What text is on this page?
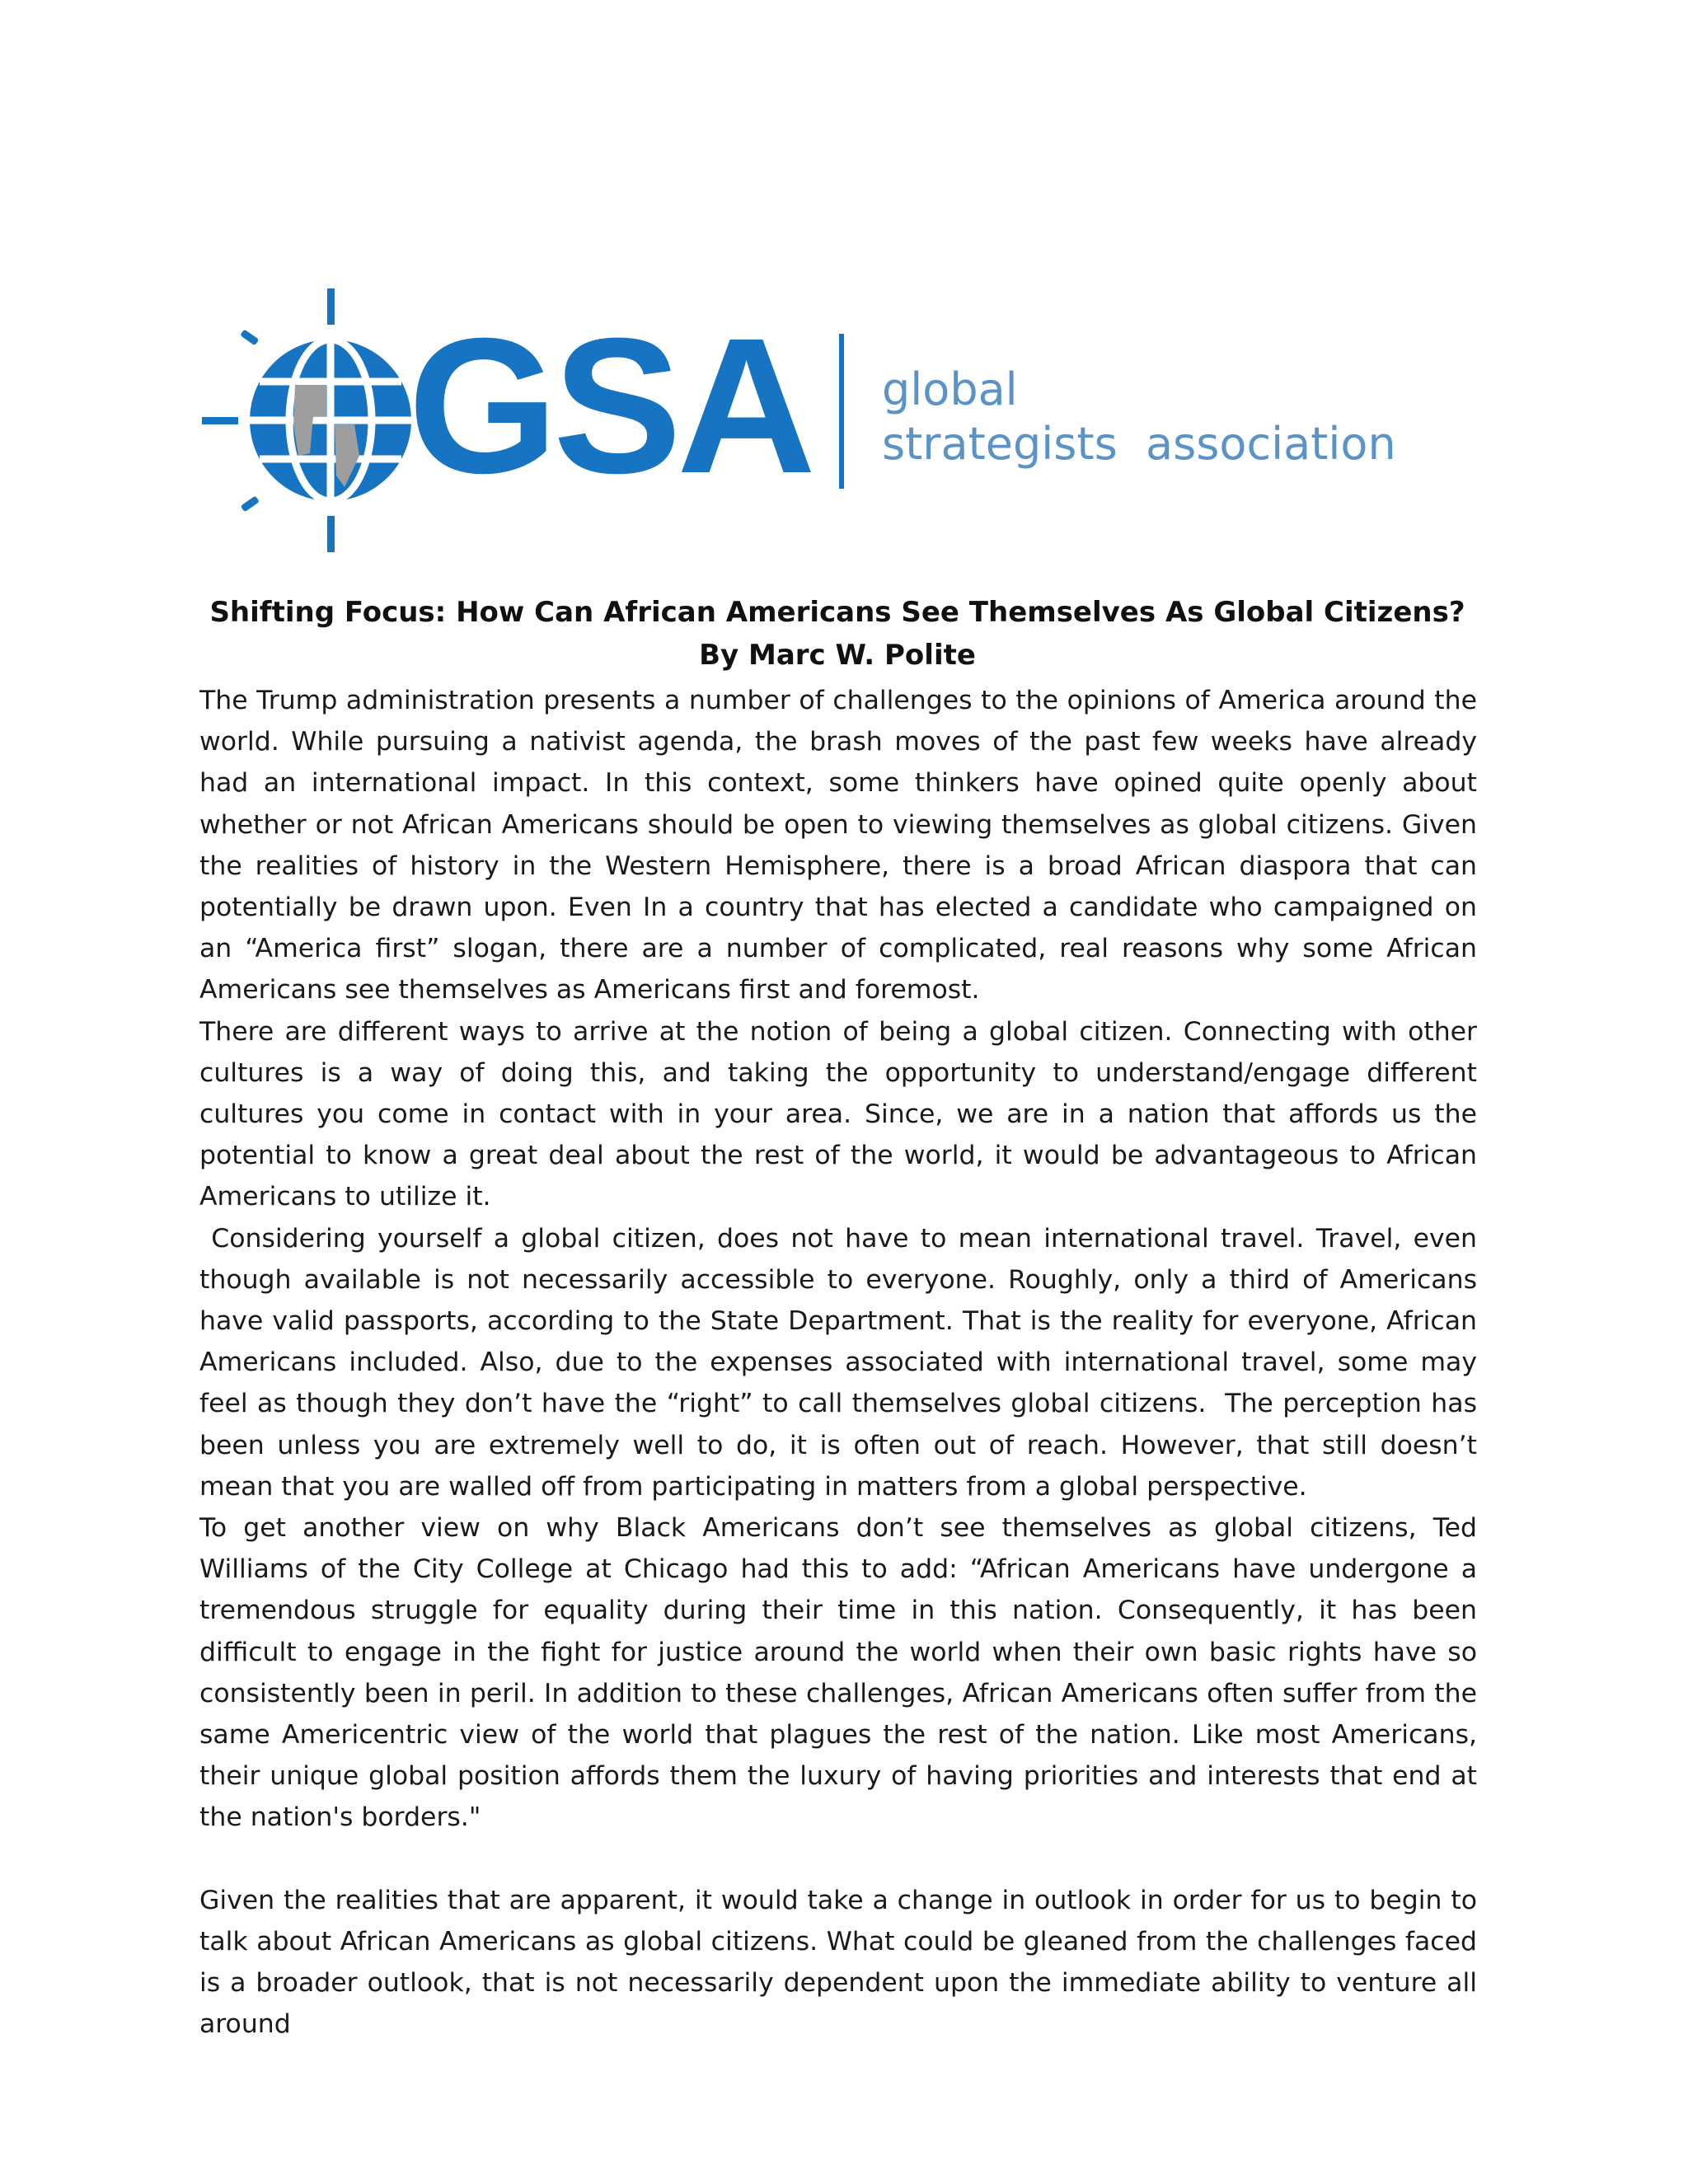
GSA global
strategists  association
Shifting Focus: How Can African Americans See Themselves As Global Citizens?
By Marc W. Polite

The Trump administration presents a number of challenges to the opinions of America around the world. While pursuing a nativist agenda, the brash moves of the past few weeks have already had an international impact. In this context, some thinkers have opined quite openly about whether or not African Americans should be open to viewing themselves as global citizens. Given the realities of history in the Western Hemisphere, there is a broad African diaspora that can potentially be drawn upon. Even In a country that has elected a candidate who campaigned on an “America first” slogan, there are a number of complicated, real reasons why some African Americans see themselves as Americans first and foremost.

There are different ways to arrive at the notion of being a global citizen. Connecting with other cultures is a way of doing this, and taking the opportunity to understand/engage different cultures you come in contact with in your area. Since, we are in a nation that affords us the potential to know a great deal about the rest of the world, it would be advantageous to African Americans to utilize it.

Considering yourself a global citizen, does not have to mean international travel. Travel, even though available is not necessarily accessible to everyone. Roughly, only a third of Americans have valid passports, according to the State Department. That is the reality for everyone, African Americans included. Also, due to the expenses associated with international travel, some may feel as though they don’t have the “right” to call themselves global citizens.  The perception has been unless you are extremely well to do, it is often out of reach. However, that still doesn’t mean that you are walled off from participating in matters from a global perspective.

To get another view on why Black Americans don’t see themselves as global citizens, Ted Williams of the City College at Chicago had this to add: “African Americans have undergone a tremendous struggle for equality during their time in this nation. Consequently, it has been difficult to engage in the fight for justice around the world when their own basic rights have so consistently been in peril. In addition to these challenges, African Americans often suffer from the same Americentric view of the world that plagues the rest of the nation. Like most Americans, their unique global position affords them the luxury of having priorities and interests that end at the nation's borders."

Given the realities that are apparent, it would take a change in outlook in order for us to begin to talk about African Americans as global citizens. What could be gleaned from the challenges faced is a broader outlook, that is not necessarily dependent upon the immediate ability to venture all around
